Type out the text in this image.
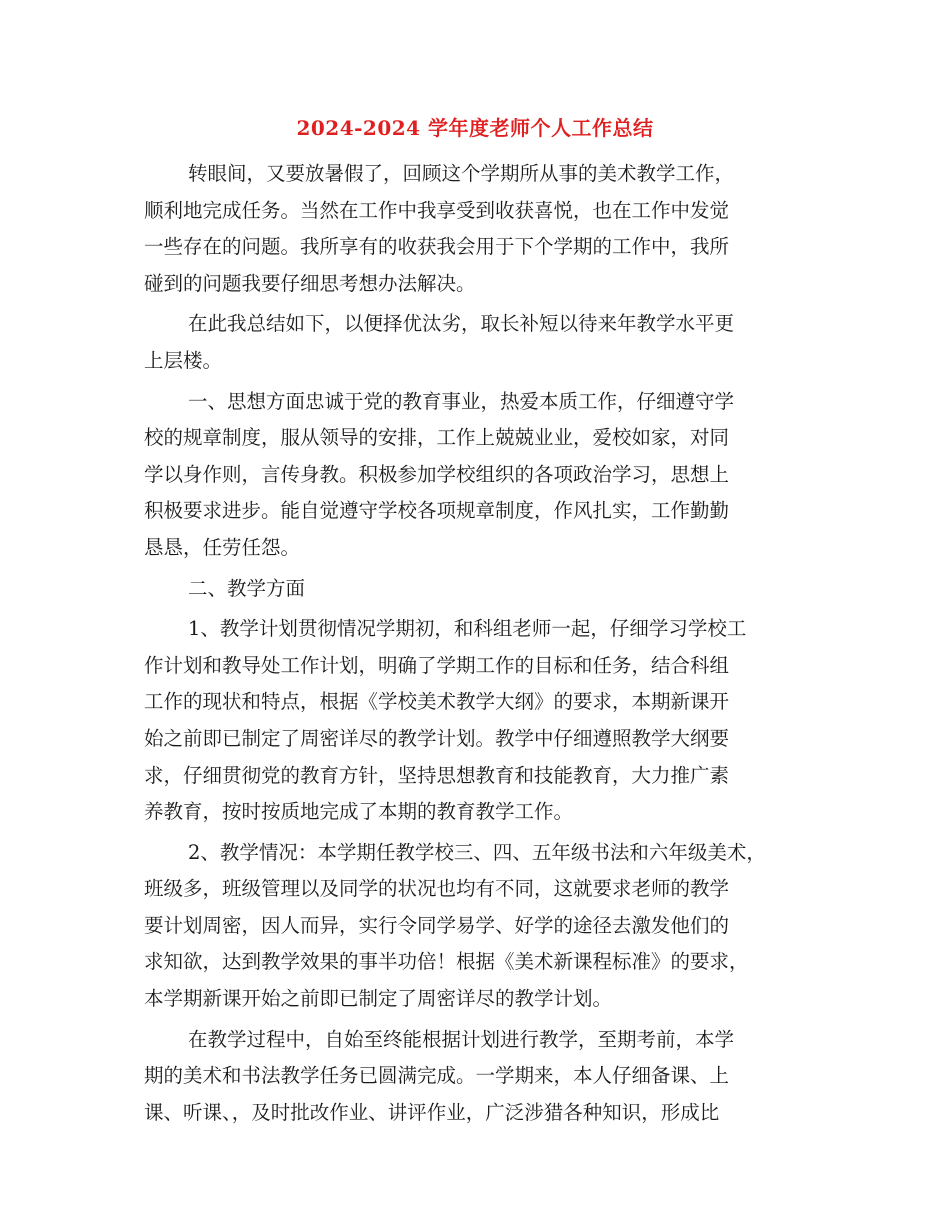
2024-2024 学年度老师个人工作总结
转眼间，又要放暑假了，回顾这个学期所从事的美术教学工作，
顺利地完成任务。当然在工作中我享受到收获喜悦，也在工作中发觉
一些存在的问题。我所享有的收获我会用于下个学期的工作中，我所
碰到的问题我要仔细思考想办法解决。
在此我总结如下，以便择优汰劣，取长补短以待来年教学水平更
上层楼。
一、思想方面忠诚于党的教育事业，热爱本质工作，仔细遵守学
校的规章制度，服从领导的安排，工作上兢兢业业，爱校如家，对同
学以身作则，言传身教。积极参加学校组织的各项政治学习，思想上
积极要求进步。能自觉遵守学校各项规章制度，作风扎实，工作勤勤
恳恳，任劳任怨。
二、教学方面
1、教学计划贯彻情况学期初，和科组老师一起，仔细学习学校工
作计划和教导处工作计划，明确了学期工作的目标和任务，结合科组
工作的现状和特点，根据《学校美术教学大纲》的要求，本期新课开
始之前即已制定了周密详尽的教学计划。教学中仔细遵照教学大纲要
求，仔细贯彻党的教育方针，坚持思想教育和技能教育，大力推广素
养教育，按时按质地完成了本期的教育教学工作。
2、教学情况：本学期任教学校三、四、五年级书法和六年级美术，
班级多，班级管理以及同学的状况也均有不同，这就要求老师的教学
要计划周密，因人而异，实行令同学易学、好学的途径去激发他们的
求知欲，达到教学效果的事半功倍！根据《美术新课程标准》的要求，
本学期新课开始之前即已制定了周密详尽的教学计划。
在教学过程中，自始至终能根据计划进行教学，至期考前，本学
期的美术和书法教学任务已圆满完成。一学期来，本人仔细备课、上
课、听课、，及时批改作业、讲评作业，广泛涉猎各种知识，形成比
